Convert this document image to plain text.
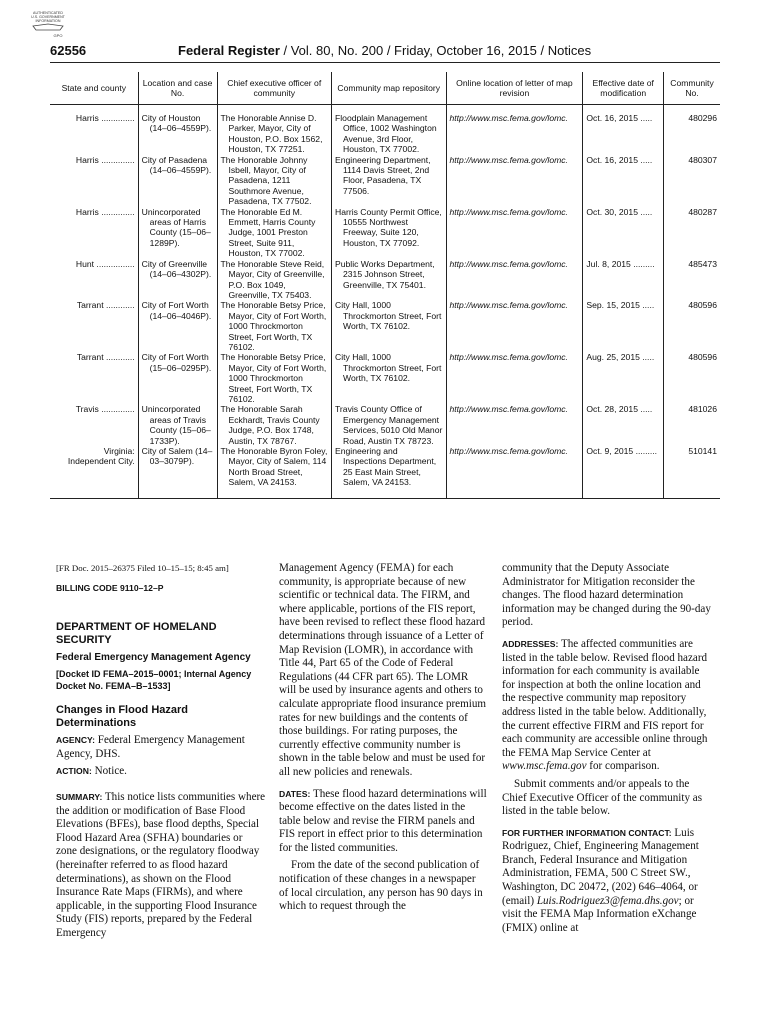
AUTHENTICATED
U.S. GOVERNMENT
INFORMATION
GPO
62556	Federal Register / Vol. 80, No. 200 / Friday, October 16, 2015 / Notices
State and county	Location and case No.	Chief executive officer of community	Community map repository	Online location of letter of map revision	Effective date of modification	Community No.
Harris ..............	City of Houston (14–06–4559P).	The Honorable Annise D. Parker, Mayor, City of Houston, P.O. Box 1562, Houston, TX 77251.	Floodplain Management Office, 1002 Washington Avenue, 3rd Floor, Houston, TX 77002.	http://www.msc.fema.gov/lomc.	Oct. 16, 2015 .....	480296
Harris ..............	City of Pasadena (14–06–4559P).	The Honorable Johnny Isbell, Mayor, City of Pasadena, 1211 Southmore Avenue, Pasadena, TX 77502.	Engineering Department, 1114 Davis Street, 2nd Floor, Pasadena, TX 77506.	http://www.msc.fema.gov/lomc.	Oct. 16, 2015 .....	480307
Harris ..............	Unincorporated areas of Harris County (15–06–1289P).	The Honorable Ed M. Emmett, Harris County Judge, 1001 Preston Street, Suite 911, Houston, TX 77002.	Harris County Permit Office, 10555 Northwest Freeway, Suite 120, Houston, TX 77092.	http://www.msc.fema.gov/lomc.	Oct. 30, 2015 .....	480287
Hunt ................	City of Greenville (14–06–4302P).	The Honorable Steve Reid, Mayor, City of Greenville, P.O. Box 1049, Greenville, TX 75403.	Public Works Department, 2315 Johnson Street, Greenville, TX 75401.	http://www.msc.fema.gov/lomc.	Jul. 8, 2015 .........	485473
Tarrant ............	City of Fort Worth (14–06–4046P).	The Honorable Betsy Price, Mayor, City of Fort Worth, 1000 Throckmorton Street, Fort Worth, TX 76102.	City Hall, 1000 Throckmorton Street, Fort Worth, TX 76102.	http://www.msc.fema.gov/lomc.	Sep. 15, 2015 .....	480596
Tarrant ............	City of Fort Worth (15–06–0295P).	The Honorable Betsy Price, Mayor, City of Fort Worth, 1000 Throckmorton Street, Fort Worth, TX 76102.	City Hall, 1000 Throckmorton Street, Fort Worth, TX 76102.	http://www.msc.fema.gov/lomc.	Aug. 25, 2015 .....	480596
Travis ..............	Unincorporated areas of Travis County (15–06–1733P).	The Honorable Sarah Eckhardt, Travis County Judge, P.O. Box 1748, Austin, TX 78767.	Travis County Office of Emergency Management Services, 5010 Old Manor Road, Austin TX 78723.	http://www.msc.fema.gov/lomc.	Oct. 28, 2015 .....	481026
Virginia:
Independent City.	City of Salem (14–03–3079P).	The Honorable Byron Foley, Mayor, City of Salem, 114 North Broad Street, Salem, VA 24153.	Engineering and Inspections Department, 25 East Main Street, Salem, VA 24153.	http://www.msc.fema.gov/lomc.	Oct. 9, 2015 .........	510141

[FR Doc. 2015–26375 Filed 10–15–15; 8:45 am]

BILLING CODE 9110–12–P

DEPARTMENT OF HOMELAND SECURITY

Federal Emergency Management Agency

[Docket ID FEMA–2015–0001; Internal Agency Docket No. FEMA–B–1533]

Changes in Flood Hazard Determinations

AGENCY: Federal Emergency Management Agency, DHS.

ACTION: Notice.

SUMMARY: This notice lists communities where the addition or modification of Base Flood Elevations (BFEs), base flood depths, Special Flood Hazard Area (SFHA) boundaries or zone designations, or the regulatory floodway (hereinafter referred to as flood hazard determinations), as shown on the Flood Insurance Rate Maps (FIRMs), and where applicable, in the supporting Flood Insurance Study (FIS) reports, prepared by the Federal Emergency

Management Agency (FEMA) for each community, is appropriate because of new scientific or technical data. The FIRM, and where applicable, portions of the FIS report, have been revised to reflect these flood hazard determinations through issuance of a Letter of Map Revision (LOMR), in accordance with Title 44, Part 65 of the Code of Federal Regulations (44 CFR part 65). The LOMR will be used by insurance agents and others to calculate appropriate flood insurance premium rates for new buildings and the contents of those buildings. For rating purposes, the currently effective community number is shown in the table below and must be used for all new policies and renewals.

DATES: These flood hazard determinations will become effective on the dates listed in the table below and revise the FIRM panels and FIS report in effect prior to this determination for the listed communities.

From the date of the second publication of notification of these changes in a newspaper of local circulation, any person has 90 days in which to request through the

community that the Deputy Associate Administrator for Mitigation reconsider the changes. The flood hazard determination information may be changed during the 90-day period.

ADDRESSES: The affected communities are listed in the table below. Revised flood hazard information for each community is available for inspection at both the online location and the respective community map repository address listed in the table below. Additionally, the current effective FIRM and FIS report for each community are accessible online through the FEMA Map Service Center at www.msc.fema.gov for comparison.

Submit comments and/or appeals to the Chief Executive Officer of the community as listed in the table below.

FOR FURTHER INFORMATION CONTACT: Luis Rodriguez, Chief, Engineering Management Branch, Federal Insurance and Mitigation Administration, FEMA, 500 C Street SW., Washington, DC 20472, (202) 646–4064, or (email) Luis.Rodriguez3@fema.dhs.gov; or visit the FEMA Map Information eXchange (FMIX) online at
